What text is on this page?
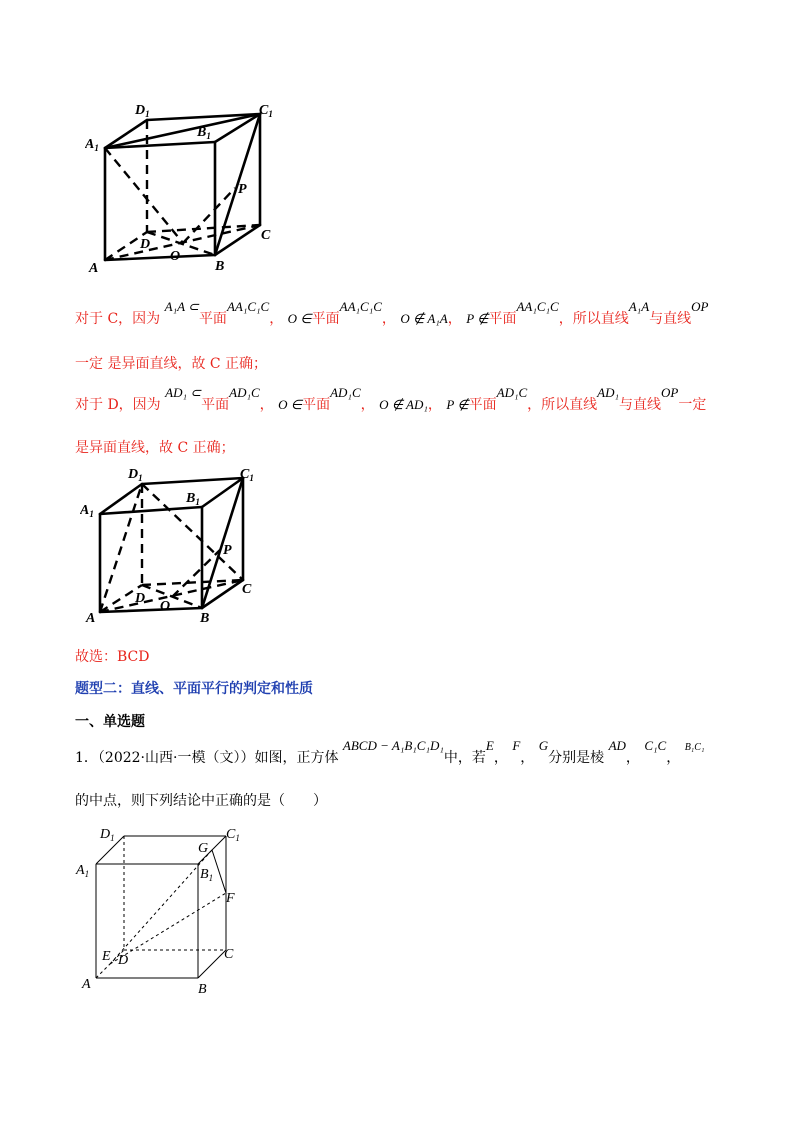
A	B
C
D
O
P
$A_1$
$B_1$
$C_1$
$D_1$
对于 C，因为 A₁A ⊂平面AA₁C₁C， O ∈平面AA₁C₁C， O ∉ A₁A， P ∉平面AA₁C₁C，所以直线A₁A与直线OP
一定 是异面直线，故 C 正确；
对于 D，因为 AD₁ ⊂平面AD₁C， O ∈平面AD₁C， O ∉ AD₁， P ∉平面AD₁C，所以直线AD₁与直线OP一定
是异面直线，故 C 正确；
A	B
C
D
O
P
$A_1$
$B_1$
$C_1$
$D_1$
故选：BCD
题型二：直线、平面平行的判定和性质
一、单选题
1．（2022·山西·一模（文））如图，正方体 ABCD − A₁B₁C₁D₁中，若E， F， G分别是棱 AD， C₁C， $^{B_1C_1}$
的中点，则下列结论中正确的是（　　）
A	B
C
D
E
F
G
$A_1$	$B_1$
$C_1$
$D_1$
